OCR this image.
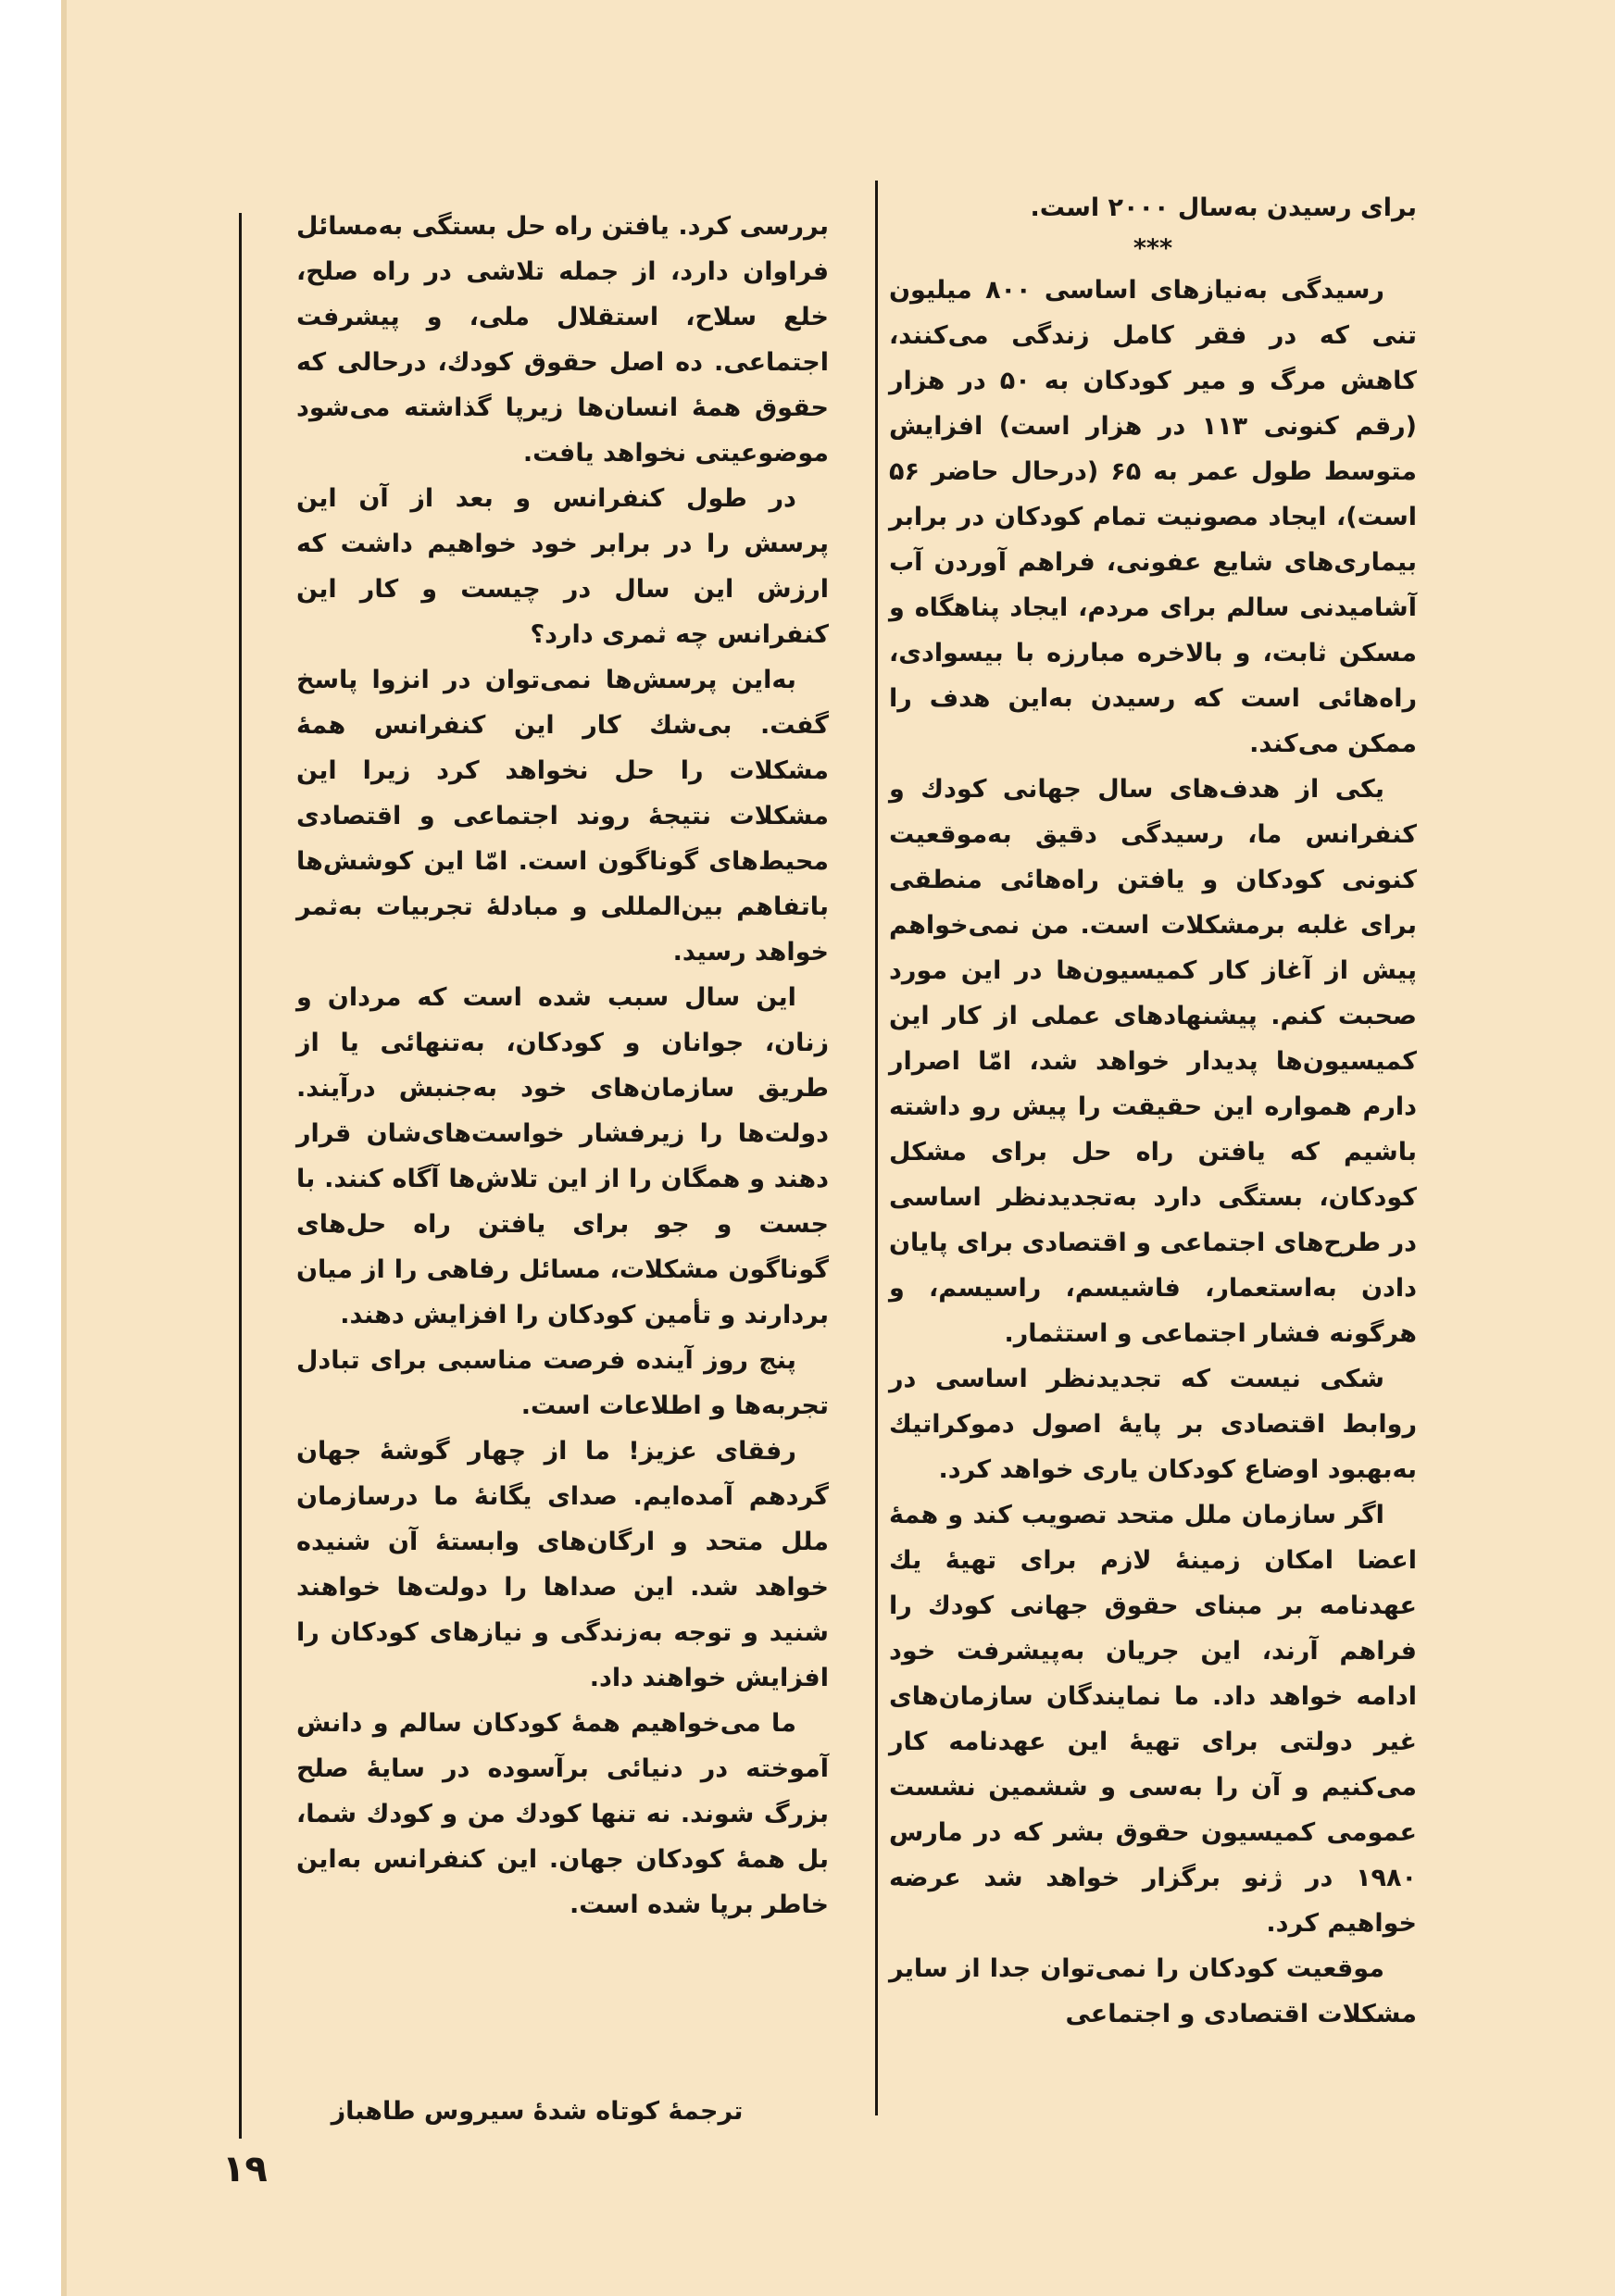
برای رسیدن به‌سال ۲۰۰۰ است.

***

رسیدگی به‌نیازهای اساسی ۸۰۰ میلیون تنی که در فقر کامل زندگی می‌کنند، کاهش مرگ و میر کودکان به ۵۰ در هزار (رقم کنونی ۱۱۳ در هزار است) افزایش متوسط طول عمر به ۶۵ (درحال حاضر ۵۶ است)، ایجاد مصونیت تمام کودکان در برابر بیماری‌های شایع عفونی، فراهم آوردن آب آشامیدنی سالم برای مردم، ایجاد پناهگاه و مسکن ثابت، و بالاخره مبارزه با بیسوادی، راه‌هائی است که رسیدن به‌این هدف را ممکن می‌کند.

یکی از هدف‌های سال جهانی کودك و کنفرانس ما، رسیدگی دقیق به‌موقعیت کنونی کودکان و یافتن راه‌هائی منطقی برای غلبه برمشکلات است. من نمی‌خواهم پیش از آغاز کار کمیسیون‌ها در این مورد صحبت کنم. پیشنهادهای عملی از کار این کمیسیون‌ها پدیدار خواهد شد، امّا اصرار دارم همواره این حقیقت را پیش رو داشته باشیم که یافتن راه حل برای مشکل کودکان، بستگی دارد به‌تجدیدنظر اساسی در طرح‌های اجتماعی و اقتصادی برای پایان دادن به‌استعمار، فاشیسم، راسیسم، و هرگونه فشار اجتماعی و استثمار.

شکی نیست که تجدیدنظر اساسی در روابط اقتصادی بر پایهٔ اصول دموکراتیك به‌بهبود اوضاع کودکان یاری خواهد کرد.

اگر سازمان ملل متحد تصویب کند و همهٔ اعضا امکان زمینهٔ لازم برای تهیهٔ یك عهدنامه بر مبنای حقوق جهانی کودك را فراهم آرند، این جریان به‌پیشرفت خود ادامه خواهد داد. ما نمایندگان سازمان‌های غیر دولتی برای تهیهٔ این عهدنامه کار می‌کنیم و آن را به‌سی و ششمین نشست عمومی کمیسیون حقوق بشر که در مارس ۱۹۸۰ در ژنو برگزار خواهد شد عرضه خواهیم کرد.

موقعیت کودکان را نمی‌توان جدا از سایر مشکلات اقتصادی و اجتماعی

بررسی کرد. یافتن راه حل بستگی به‌مسائل فراوان دارد، از جمله تلاشی در راه صلح، خلع سلاح، استقلال ملی، و پیشرفت اجتماعی. ده اصل حقوق کودك، درحالی که حقوق همهٔ انسان‌ها زیرپا گذاشته می‌شود موضوعیتی نخواهد یافت.

در طول کنفرانس و بعد از آن این پرسش را در برابر خود خواهیم داشت که ارزش این سال در چیست و کار این کنفرانس چه ثمری دارد؟

به‌این پرسش‌ها نمی‌توان در انزوا پاسخ گفت. بی‌شك کار این کنفرانس همهٔ مشکلات را حل نخواهد کرد زیرا این مشکلات نتیجهٔ روند اجتماعی و اقتصادی محیط‌های گوناگون است. امّا این کوشش‌ها باتفاهم بین‌المللی و مبادلهٔ تجربیات به‌ثمر خواهد رسید.

این سال سبب شده است که مردان و زنان، جوانان و کودکان، به‌تنهائی یا از طریق سازمان‌های خود به‌جنبش درآیند. دولت‌ها را زیرفشار خواست‌های‌شان قرار دهند و همگان را از این تلاش‌ها آگاه کنند. با جست و جو برای یافتن راه حل‌های گوناگون مشکلات، مسائل رفاهی را از میان بردارند و تأمین کودکان را افزایش دهند.

پنج روز آینده فرصت مناسبی برای تبادل تجربه‌ها و اطلاعات است.

رفقای عزیز! ما از چهار گوشهٔ جهان گردهم آمده‌ایم. صدای یگانهٔ ما درسازمان ملل متحد و ارگان‌های وابستهٔ آن شنیده خواهد شد. این صداها را دولت‌ها خواهند شنید و توجه به‌زندگی و نیازهای کودکان را افزایش خواهند داد.

ما می‌خواهیم همهٔ کودکان سالم و دانش آموخته در دنیائی برآسوده در سایهٔ صلح بزرگ شوند. نه تنها کودك من و کودك شما، بل همهٔ کودکان جهان. این کنفرانس به‌این خاطر برپا شده است.

ترجمهٔ کوتاه شدهٔ سیروس طاهباز
۱۹
